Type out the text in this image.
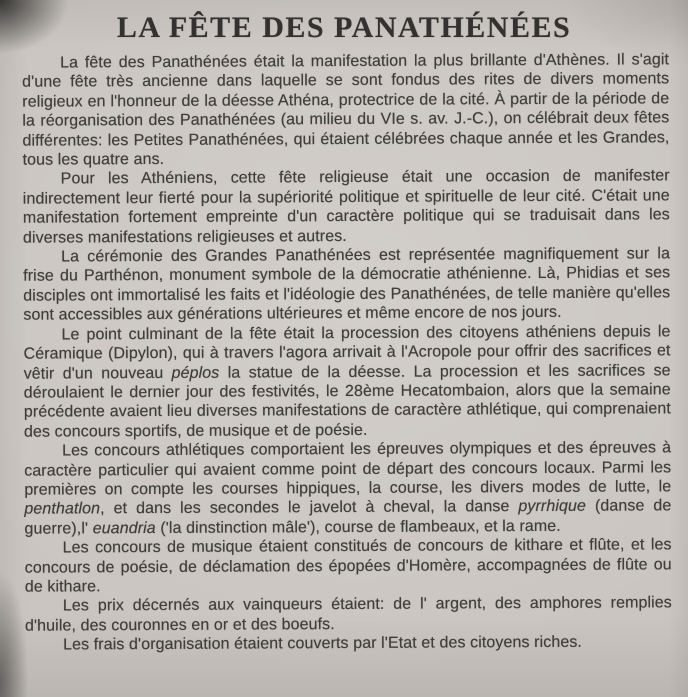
LA FÊTE DES PANATHÉNÉES

La fête des Panathénées était la manifestation la plus brillante d'Athènes. Il s'agit d'une fête très ancienne dans laquelle se sont fondus des rites de divers moments religieux en l'honneur de la déesse Athéna, protectrice de la cité. À partir de la période de la réorganisation des Panathénées (au milieu du VIe s. av. J.-C.), on célébrait deux fêtes différentes: les Petites Panathénées, qui étaient célébrées chaque année et les Grandes, tous les quatre ans.

Pour les Athéniens, cette fête religieuse était une occasion de manifester indirectement leur fierté pour la supériorité politique et spirituelle de leur cité. C'était une manifestation fortement empreinte d'un caractère politique qui se traduisait dans les diverses manifestations religieuses et autres.

La cérémonie des Grandes Panathénées est représentée magnifiquement sur la frise du Parthénon, monument symbole de la démocratie athénienne. Là, Phidias et ses disciples ont immortalisé les faits et l'idéologie des Panathénées, de telle manière qu'elles sont accessibles aux générations ultérieures et même encore de nos jours.

Le point culminant de la fête était la procession des citoyens athéniens depuis le Céramique (Dipylon), qui à travers l'agora arrivait à l'Acropole pour offrir des sacrifices et vêtir d'un nouveau péplos la statue de la déesse. La procession et les sacrifices se déroulaient le dernier jour des festivités, le 28ème Hecatombaion, alors que la semaine précédente avaient lieu diverses manifestations de caractère athlétique, qui comprenaient des concours sportifs, de musique et de poésie.

Les concours athlétiques comportaient les épreuves olympiques et des épreuves à caractère particulier qui avaient comme point de départ des concours locaux. Parmi les premières on compte les courses hippiques, la course, les divers modes de lutte, le penthatlon, et dans les secondes le javelot à cheval, la danse pyrrhique (danse de guerre),l' euandria ('la dinstinction mâle'), course de flambeaux, et la rame.

Les concours de musique étaient constitués de concours de kithare et flûte, et les concours de poésie, de déclamation des épopées d'Homère, accompagnées de flûte ou de kithare.

Les prix décernés aux vainqueurs étaient: de l' argent, des amphores remplies d'huile, des couronnes en or et des boeufs.

Les frais d'organisation étaient couverts par l'Etat et des citoyens riches.
